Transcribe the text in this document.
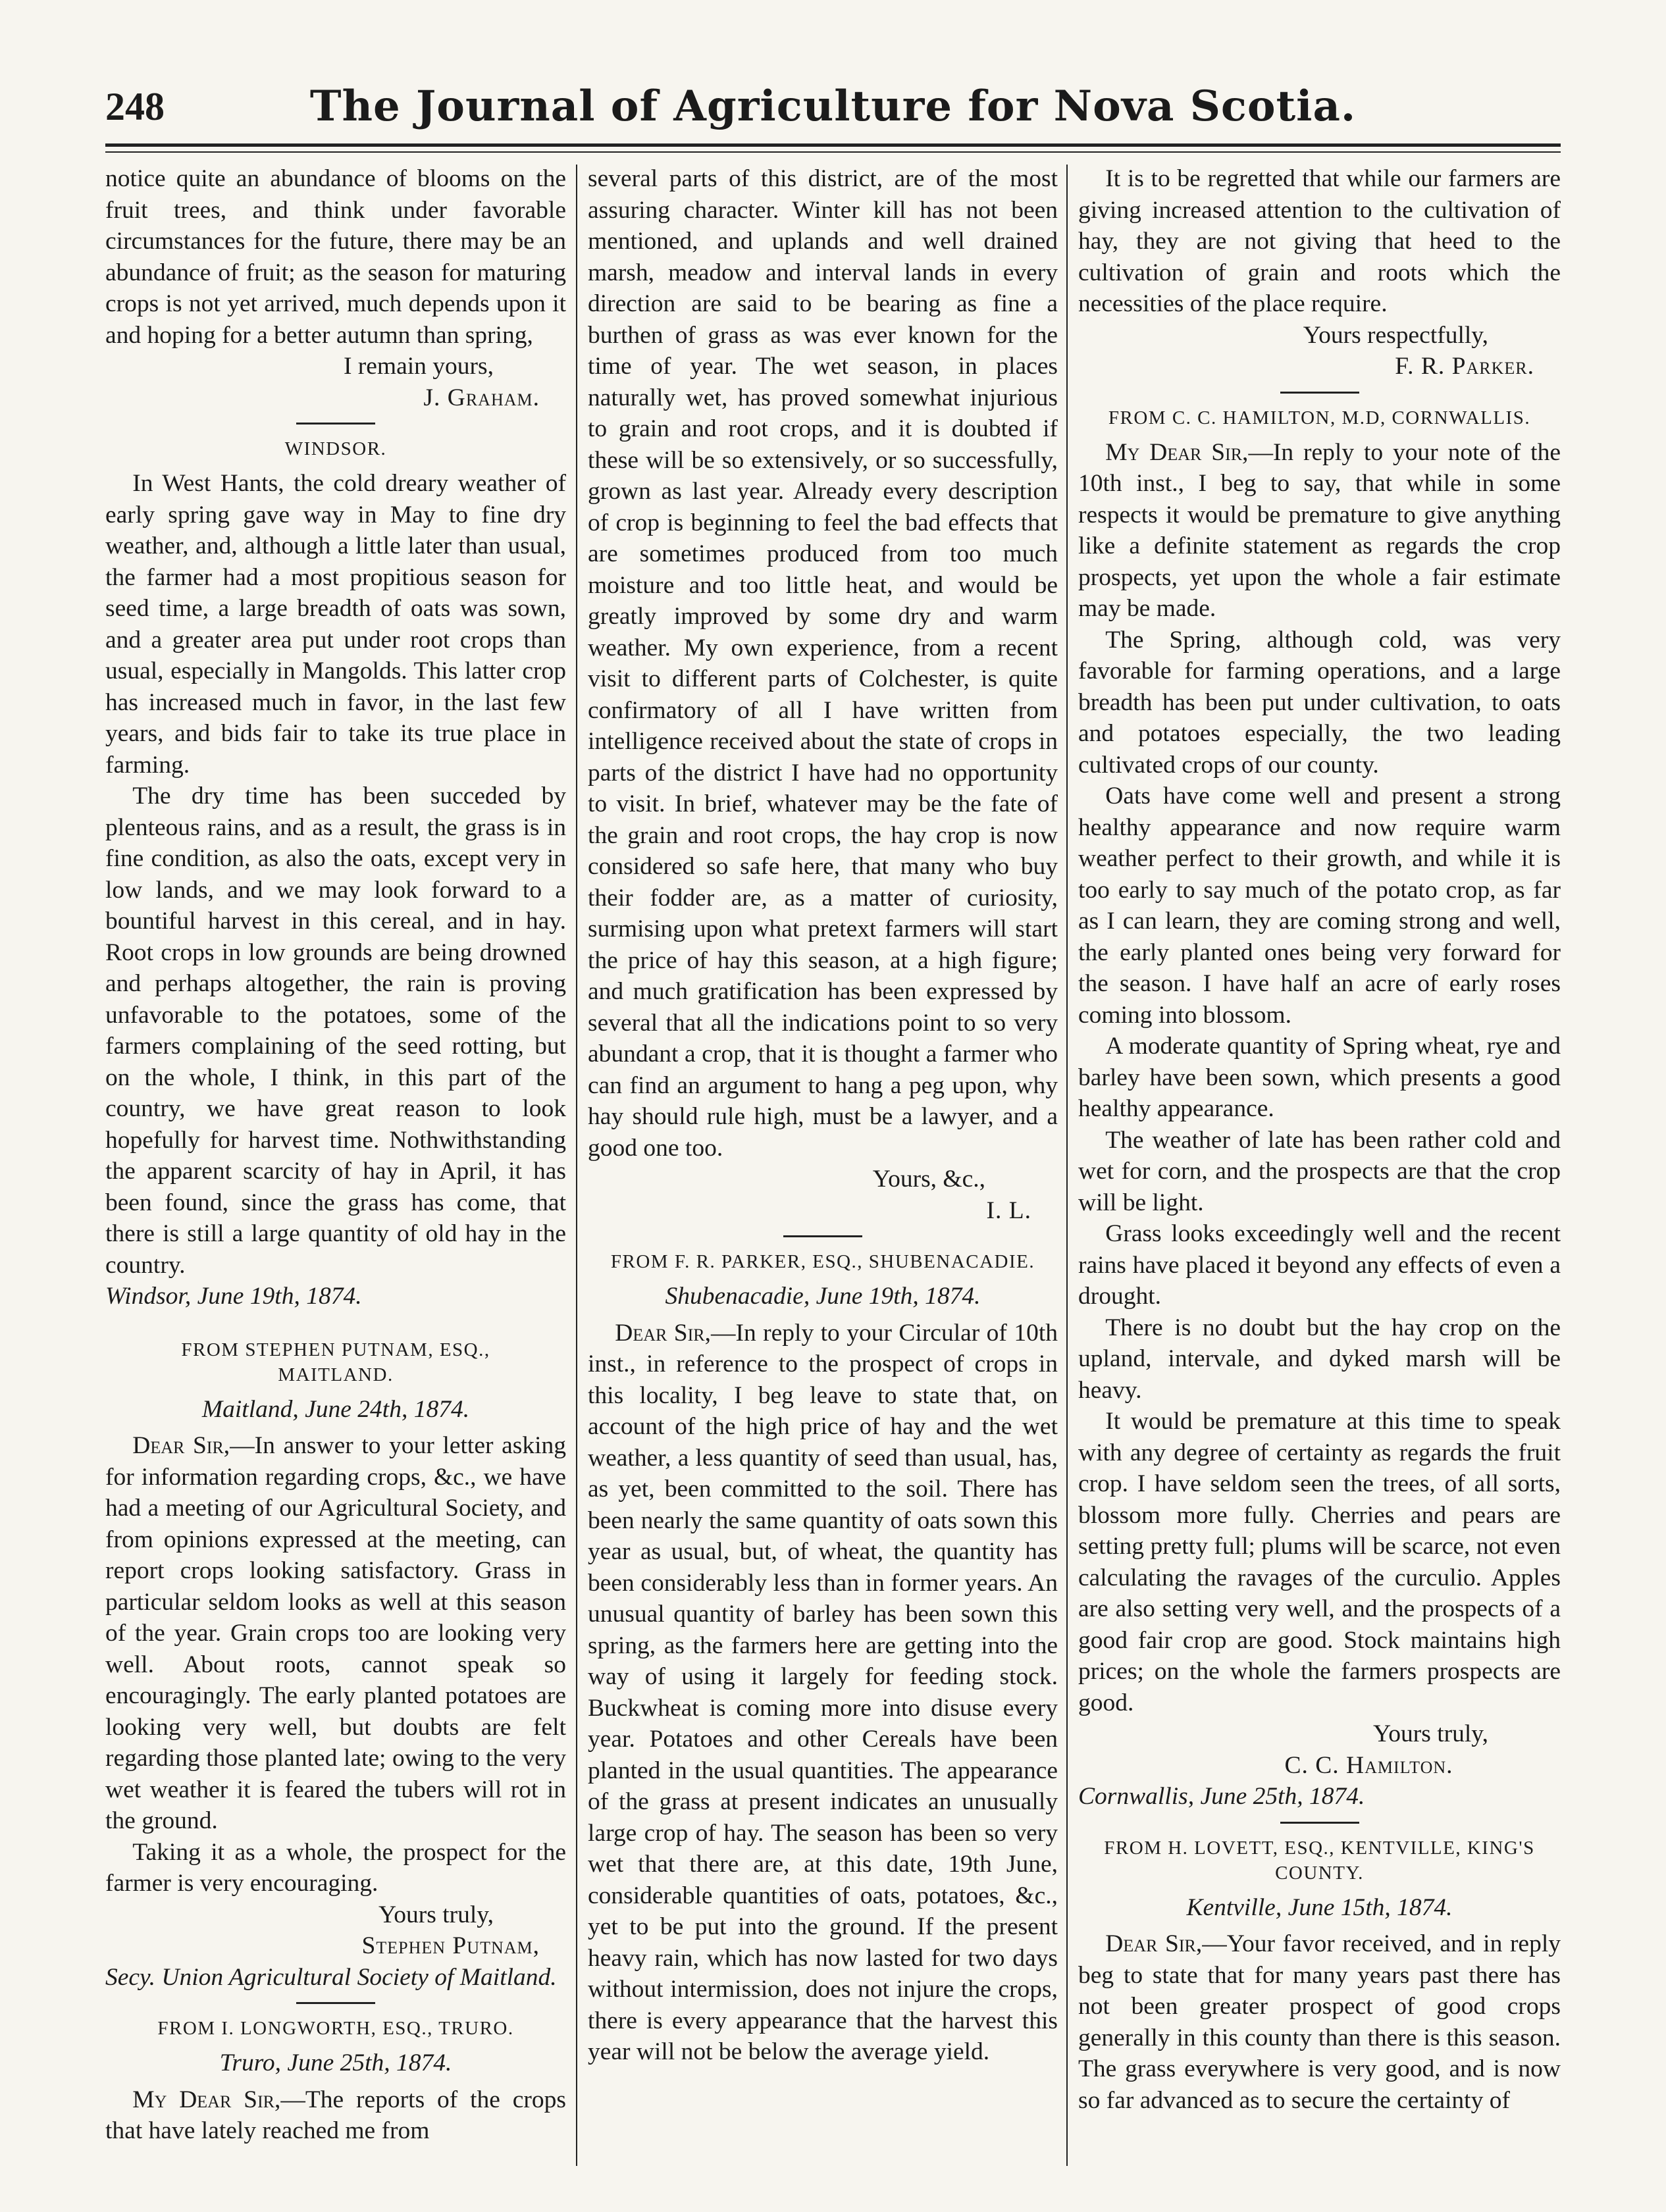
248	The Journal of Agriculture for Nova Scotia.

notice quite an abundance of blooms on the fruit trees, and think under favorable circumstances for the future, there may be an abundance of fruit; as the season for maturing crops is not yet arrived, much depends upon it and hoping for a better autumn than spring,

I remain yours,

J. Graham.

WINDSOR.

In West Hants, the cold dreary weather of early spring gave way in May to fine dry weather, and, although a little later than usual, the farmer had a most propitious season for seed time, a large breadth of oats was sown, and a greater area put under root crops than usual, especially in Mangolds. This latter crop has increased much in favor, in the last few years, and bids fair to take its true place in farming.

The dry time has been succeded by plenteous rains, and as a result, the grass is in fine condition, as also the oats, except very in low lands, and we may look forward to a bountiful harvest in this cereal, and in hay. Root crops in low grounds are being drowned and perhaps altogether, the rain is proving unfavorable to the potatoes, some of the farmers complaining of the seed rotting, but on the whole, I think, in this part of the country, we have great reason to look hopefully for harvest time. Nothwithstanding the apparent scarcity of hay in April, it has been found, since the grass has come, that there is still a large quantity of old hay in the country.

Windsor, June 19th, 1874.

FROM STEPHEN PUTNAM, ESQ., MAITLAND.

Maitland, June 24th, 1874.

Dear Sir,—In answer to your letter asking for information regarding crops, &c., we have had a meeting of our Agricultural Society, and from opinions expressed at the meeting, can report crops looking satisfactory. Grass in particular seldom looks as well at this season of the year. Grain crops too are looking very well. About roots, cannot speak so encouragingly. The early planted potatoes are looking very well, but doubts are felt regarding those planted late; owing to the very wet weather it is feared the tubers will rot in the ground.

Taking it as a whole, the prospect for the farmer is very encouraging.

Yours truly,

Stephen Putnam,

Secy. Union Agricultural Society of Maitland.

FROM I. LONGWORTH, ESQ., TRURO.

Truro, June 25th, 1874.

My Dear Sir,—The reports of the crops that have lately reached me from

several parts of this district, are of the most assuring character. Winter kill has not been mentioned, and uplands and well drained marsh, meadow and interval lands in every direction are said to be bearing as fine a burthen of grass as was ever known for the time of year. The wet season, in places naturally wet, has proved somewhat injurious to grain and root crops, and it is doubted if these will be so extensively, or so successfully, grown as last year. Already every description of crop is beginning to feel the bad effects that are sometimes produced from too much moisture and too little heat, and would be greatly improved by some dry and warm weather. My own experience, from a recent visit to different parts of Colchester, is quite confirmatory of all I have written from intelligence received about the state of crops in parts of the district I have had no opportunity to visit. In brief, whatever may be the fate of the grain and root crops, the hay crop is now considered so safe here, that many who buy their fodder are, as a matter of curiosity, surmising upon what pretext farmers will start the price of hay this season, at a high figure; and much gratification has been expressed by several that all the indications point to so very abundant a crop, that it is thought a farmer who can find an argument to hang a peg upon, why hay should rule high, must be a lawyer, and a good one too.

Yours, &c.,

I. L.

FROM F. R. PARKER, ESQ., SHUBENACADIE.

Shubenacadie, June 19th, 1874.

Dear Sir,—In reply to your Circular of 10th inst., in reference to the prospect of crops in this locality, I beg leave to state that, on account of the high price of hay and the wet weather, a less quantity of seed than usual, has, as yet, been committed to the soil. There has been nearly the same quantity of oats sown this year as usual, but, of wheat, the quantity has been considerably less than in former years. An unusual quantity of barley has been sown this spring, as the farmers here are getting into the way of using it largely for feeding stock. Buckwheat is coming more into disuse every year. Potatoes and other Cereals have been planted in the usual quantities. The appearance of the grass at present indicates an unusually large crop of hay. The season has been so very wet that there are, at this date, 19th June, considerable quantities of oats, potatoes, &c., yet to be put into the ground. If the present heavy rain, which has now lasted for two days without intermission, does not injure the crops, there is every appearance that the harvest this year will not be below the average yield.

It is to be regretted that while our farmers are giving increased attention to the cultivation of hay, they are not giving that heed to the cultivation of grain and roots which the necessities of the place require.

Yours respectfully,

F. R. Parker.

FROM C. C. HAMILTON, M.D, CORNWALLIS.

My Dear Sir,—In reply to your note of the 10th inst., I beg to say, that while in some respects it would be premature to give anything like a definite statement as regards the crop prospects, yet upon the whole a fair estimate may be made.

The Spring, although cold, was very favorable for farming operations, and a large breadth has been put under cultivation, to oats and potatoes especially, the two leading cultivated crops of our county.

Oats have come well and present a strong healthy appearance and now require warm weather perfect to their growth, and while it is too early to say much of the potato crop, as far as I can learn, they are coming strong and well, the early planted ones being very forward for the season. I have half an acre of early roses coming into blossom.

A moderate quantity of Spring wheat, rye and barley have been sown, which presents a good healthy appearance.

The weather of late has been rather cold and wet for corn, and the prospects are that the crop will be light.

Grass looks exceedingly well and the recent rains have placed it beyond any effects of even a drought.

There is no doubt but the hay crop on the upland, intervale, and dyked marsh will be heavy.

It would be premature at this time to speak with any degree of certainty as regards the fruit crop. I have seldom seen the trees, of all sorts, blossom more fully. Cherries and pears are setting pretty full; plums will be scarce, not even calculating the ravages of the curculio. Apples are also setting very well, and the prospects of a good fair crop are good. Stock maintains high prices; on the whole the farmers prospects are good.

Yours truly,

C. C. Hamilton.

Cornwallis, June 25th, 1874.

FROM H. LOVETT, ESQ., KENTVILLE, KING'S COUNTY.

Kentville, June 15th, 1874.

Dear Sir,—Your favor received, and in reply beg to state that for many years past there has not been greater prospect of good crops generally in this county than there is this season. The grass everywhere is very good, and is now so far advanced as to secure the certainty of
